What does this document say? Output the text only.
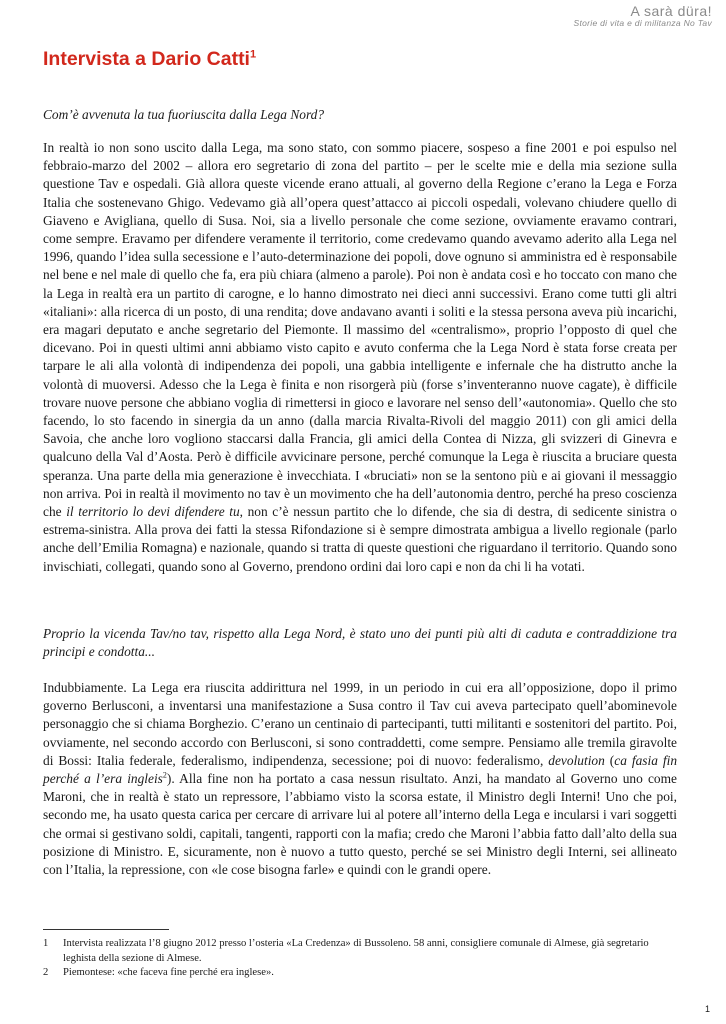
A sarà düra!
Storie di vita e di militanza No Tav
Intervista a Dario Catti$^1$

Com’è avvenuta la tua fuoriuscita dalla Lega Nord?

In realtà io non sono uscito dalla Lega, ma sono stato, con sommo piacere, sospeso a fine 2001 e poi espulso nel febbraio-marzo del 2002 – allora ero segretario di zona del partito – per le scelte mie e della mia sezione sulla questione Tav e ospedali. Già allora queste vicende erano attuali, al governo della Regione c’erano la Lega e Forza Italia che sostenevano Ghigo. Vedevamo già all’opera quest’attacco ai piccoli ospedali, volevano chiudere quello di Giaveno e Avigliana, quello di Susa. Noi, sia a livello personale che come sezione, ovviamente eravamo contrari, come sempre. Eravamo per difendere veramente il territorio, come credevamo quando avevamo aderito alla Lega nel 1996, quando l’idea sulla secessione e l’auto-determinazione dei popoli, dove ognuno si amministra ed è responsabile nel bene e nel male di quello che fa, era più chiara (almeno a parole). Poi non è andata così e ho toccato con mano che la Lega in realtà era un partito di carogne, e lo hanno dimostrato nei dieci anni successivi. Erano come tutti gli altri «italiani»: alla ricerca di un posto, di una rendita; dove andavano avanti i soliti e la stessa persona aveva più incarichi, era magari deputato e anche segretario del Piemonte. Il massimo del «centralismo», proprio l’opposto di quel che dicevano. Poi in questi ultimi anni abbiamo visto capito e avuto conferma che la Lega Nord è stata forse creata per tarpare le ali alla volontà di indipendenza dei popoli, una gabbia intelligente e infernale che ha distrutto anche la volontà di muoversi. Adesso che la Lega è finita e non risorgerà più (forse s’inventeranno nuove cagate), è difficile trovare nuove persone che abbiano voglia di rimettersi in gioco e lavorare nel senso dell’«autonomia». Quello che sto facendo, lo sto facendo in sinergia da un anno (dalla marcia Rivalta-Rivoli del maggio 2011) con gli amici della Savoia, che anche loro vogliono staccarsi dalla Francia, gli amici della Contea di Nizza, gli svizzeri di Ginevra e qualcuno della Val d’Aosta. Però è difficile avvicinare persone, perché comunque la Lega è riuscita a bruciare questa speranza. Una parte della mia generazione è invecchiata. I «bruciati» non se la sentono più e ai giovani il messaggio non arriva. Poi in realtà il movimento no tav è un movimento che ha dell’autonomia dentro, perché ha preso coscienza che il territorio lo devi difendere tu, non c’è nessun partito che lo difende, che sia di destra, di sedicente sinistra o estrema-sinistra. Alla prova dei fatti la stessa Rifondazione si è sempre dimostrata ambigua a livello regionale (parlo anche dell’Emilia Romagna) e nazionale, quando si tratta di queste questioni che riguardano il territorio. Quando sono invischiati, collegati, quando sono al Governo, prendono ordini dai loro capi e non da chi li ha votati.

Proprio la vicenda Tav/no tav, rispetto alla Lega Nord, è stato uno dei punti più alti di caduta e contraddizione tra principi e condotta...

Indubbiamente. La Lega era riuscita addirittura nel 1999, in un periodo in cui era all’opposizione, dopo il primo governo Berlusconi, a inventarsi una manifestazione a Susa contro il Tav cui aveva partecipato quell’abominevole personaggio che si chiama Borghezio. C’erano un centinaio di partecipanti, tutti militanti e sostenitori del partito. Poi, ovviamente, nel secondo accordo con Berlusconi, si sono contraddetti, come sempre. Pensiamo alle tremila giravolte di Bossi: Italia federale, federalismo, indipendenza, secessione; poi di nuovo: federalismo, devolution (ca fasia fin perché a l’era ingleis$^2$). Alla fine non ha portato a casa nessun risultato. Anzi, ha mandato al Governo uno come Maroni, che in realtà è stato un repressore, l’abbiamo visto la scorsa estate, il Ministro degli Interni! Uno che poi, secondo me, ha usato questa carica per cercare di arrivare lui al potere all’interno della Lega e incularsi i vari soggetti che ormai si gestivano soldi, capitali, tangenti, rapporti con la mafia; credo che Maroni l’abbia fatto dall’alto della sua posizione di Ministro. E, sicuramente, non è nuovo a tutto questo, perché se sei Ministro degli Interni, sei allineato con l’Italia, la repressione, con «le cose bisogna farle» e quindi con le grandi opere.

1 Intervista realizzata l’8 giugno 2012 presso l’osteria «La Credenza» di Bussoleno. 58 anni, consigliere comunale di Almese, già segretario leghista della sezione di Almese.
2 Piemontese: «che faceva fine perché era inglese».
1
